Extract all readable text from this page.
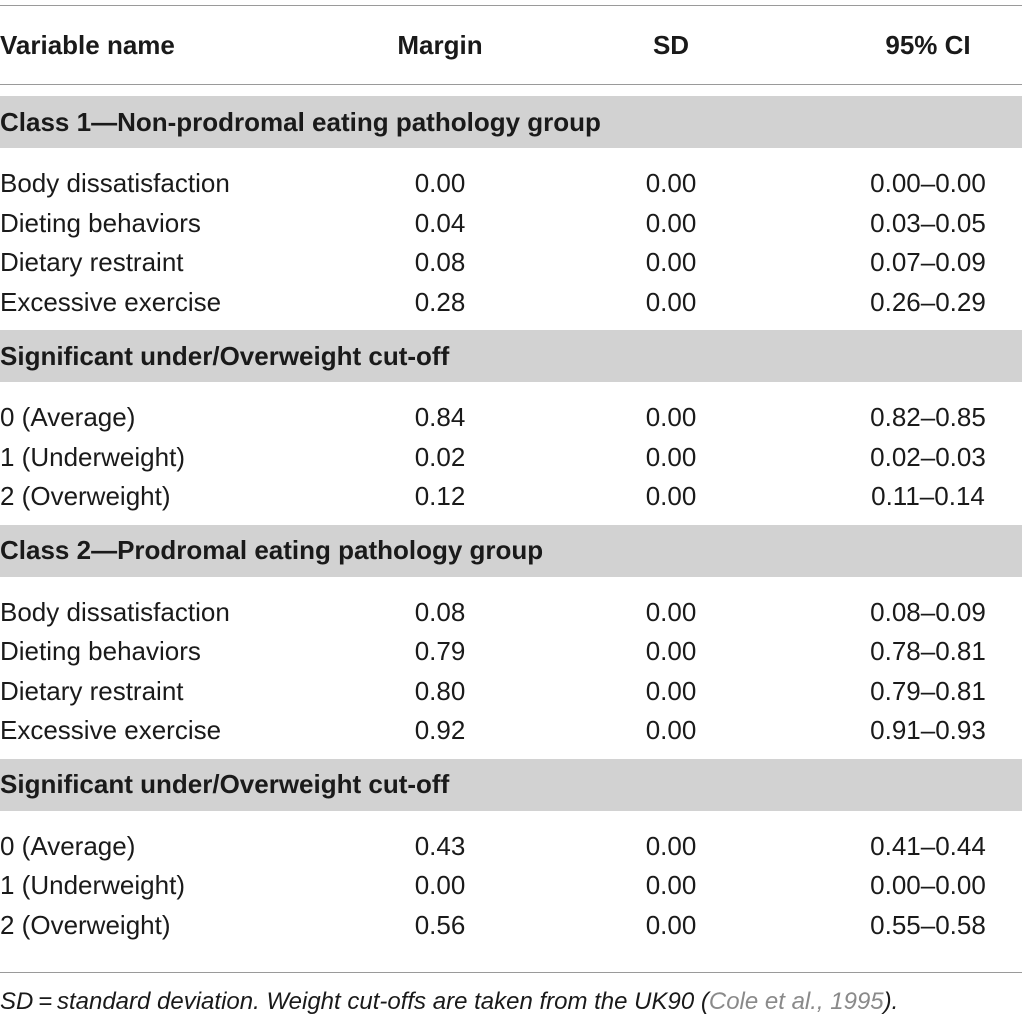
Variable name	Margin	SD	95% CI
Class 1—Non-prodromal eating pathology group
Body dissatisfaction	0.00	0.00	0.00–0.00
Dieting behaviors	0.04	0.00	0.03–0.05
Dietary restraint	0.08	0.00	0.07–0.09
Excessive exercise	0.28	0.00	0.26–0.29
Significant under/Overweight cut-off
0 (Average)	0.84	0.00	0.82–0.85
1 (Underweight)	0.02	0.00	0.02–0.03
2 (Overweight)	0.12	0.00	0.11–0.14
Class 2—Prodromal eating pathology group
Body dissatisfaction	0.08	0.00	0.08–0.09
Dieting behaviors	0.79	0.00	0.78–0.81
Dietary restraint	0.80	0.00	0.79–0.81
Excessive exercise	0.92	0.00	0.91–0.93
Significant under/Overweight cut-off
0 (Average)	0.43	0.00	0.41–0.44
1 (Underweight)	0.00	0.00	0.00–0.00
2 (Overweight)	0.56	0.00	0.55–0.58
SD = standard deviation. Weight cut-offs are taken from the UK90 (Cole et al., 1995).
